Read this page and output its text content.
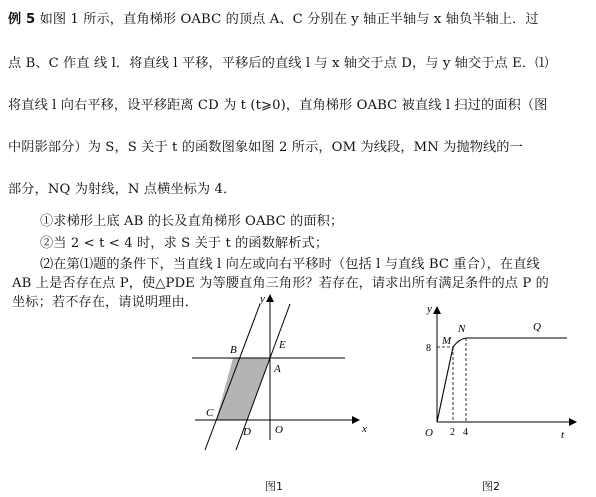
例 5 如图 1 所示，直角梯形 OABC 的顶点 A、C 分别在 y 轴正半轴与 x 轴负半轴上．过
点 B、C 作直 线 l．将直线 l 平移，平移后的直线 l 与 x 轴交于点 D，与 y 轴交于点 E．⑴
将直线 l 向右平移，设平移距离 CD 为 t (t⩾0)，直角梯形 OABC 被直线 l 扫过的面积（图
中阴影部分）为 S，S 关于 t 的函数图象如图 2 所示，OM 为线段，MN 为抛物线的一
部分，NQ 为射线，N 点横坐标为 4．
①求梯形上底 AB 的长及直角梯形 OABC 的面积；
②当 2 < t < 4 时，求 S 关于 t 的函数解析式；
⑵在第⑴题的条件下，当直线 l 向左或向右平移时（包括 l 与直线 BC 重合），在直线
AB 上是否存在点 P，使△PDE 为等腰直角三角形？若存在，请求出所有满足条件的点 P 的
坐标；若不存在，请说明理由．	y
x
B	E
A
C
D O
图1
y
t
O
M
N	Q
8
2 4
图2
